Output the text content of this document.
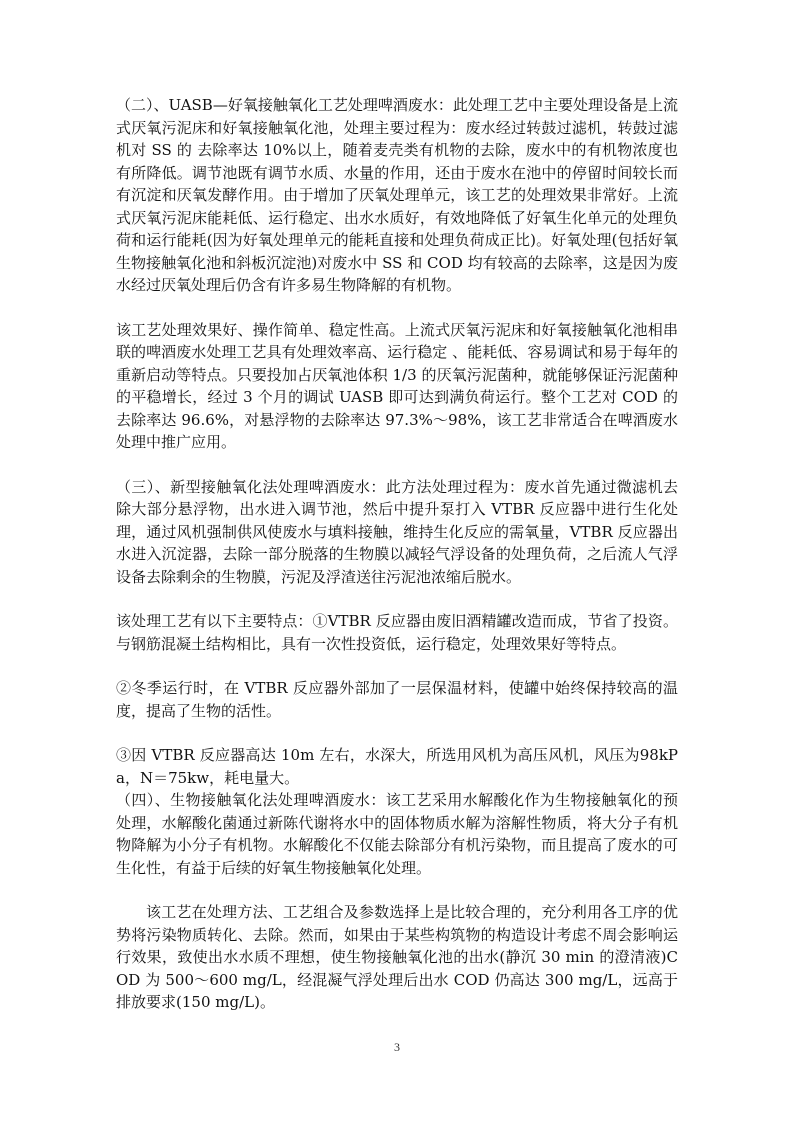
（二）、UASB—好氧接触氧化工艺处理啤酒废水：此处理工艺中主要处理设备是上流式厌氧污泥床和好氧接触氧化池，处理主要过程为：废水经过转鼓过滤机，转鼓过滤机对 SS 的 去除率达 10%以上，随着麦壳类有机物的去除，废水中的有机物浓度也有所降低。调节池既有调节水质、水量的作用，还由于废水在池中的停留时间较长而有沉淀和厌氧发酵作用。由于增加了厌氧处理单元，该工艺的处理效果非常好。上流式厌氧污泥床能耗低、运行稳定、出水水质好，有效地降低了好氧生化单元的处理负荷和运行能耗(因为好氧处理单元的能耗直接和处理负荷成正比)。好氧处理(包括好氧生物接触氧化池和斜板沉淀池)对废水中 SS 和 COD 均有较高的去除率，这是因为废水经过厌氧处理后仍含有许多易生物降解的有机物。

该工艺处理效果好、操作简单、稳定性高。上流式厌氧污泥床和好氧接触氧化池相串联的啤酒废水处理工艺具有处理效率高、运行稳定 、能耗低、容易调试和易于每年的重新启动等特点。只要投加占厌氧池体积 1/3 的厌氧污泥菌种，就能够保证污泥菌种的平稳增长，经过 3 个月的调试 UASB 即可达到满负荷运行。整个工艺对 COD 的去除率达 96.6%，对悬浮物的去除率达 97.3%～98%，该工艺非常适合在啤酒废水处理中推广应用。

（三）、新型接触氧化法处理啤酒废水：此方法处理过程为：废水首先通过微滤机去除大部分悬浮物，出水进入调节池，然后中提升泵打入 VTBR 反应器中进行生化处理，通过风机强制供风使废水与填料接触，维持生化反应的需氧量，VTBR 反应器出水进入沉淀器，去除一部分脱落的生物膜以减轻气浮设备的处理负荷，之后流人气浮设备去除剩余的生物膜，污泥及浮渣送往污泥池浓缩后脱水。

该处理工艺有以下主要特点：①VTBR 反应器由废旧酒精罐改造而成，节省了投资。与钢筋混凝土结构相比，具有一次性投资低，运行稳定，处理效果好等特点。

②冬季运行时，在 VTBR 反应器外部加了一层保温材料，使罐中始终保持较高的温度，提高了生物的活性。

③因 VTBR 反应器高达 10m 左右，水深大，所选用风机为高压风机，风压为98kPa，N＝75kw，耗电量大。

（四）、生物接触氧化法处理啤酒废水：该工艺采用水解酸化作为生物接触氧化的预处理，水解酸化菌通过新陈代谢将水中的固体物质水解为溶解性物质，将大分子有机物降解为小分子有机物。水解酸化不仅能去除部分有机污染物，而且提高了废水的可生化性，有益于后续的好氧生物接触氧化处理。

该工艺在处理方法、工艺组合及参数选择上是比较合理的，充分利用各工序的优势将污染物质转化、去除。然而，如果由于某些构筑物的构造设计考虑不周会影响运行效果，致使出水水质不理想，使生物接触氧化池的出水(静沉 30 min 的澄清液)COD 为 500～600 mg/L，经混凝气浮处理后出水 COD 仍高达 300 mg/L，远高于排放要求(150 mg/L)。

3
